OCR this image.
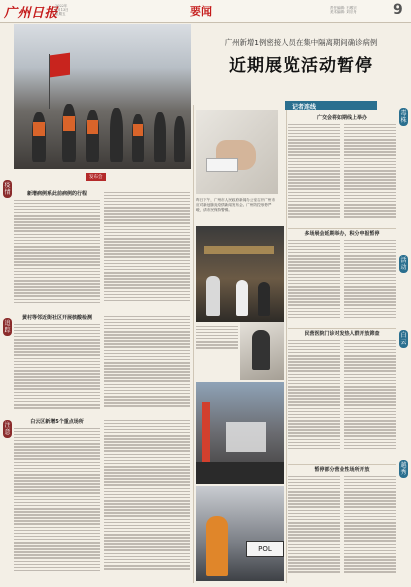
广州日报
2022年
5月13日
星期五	要闻	责任编辑: 石敬宗
美术编辑: 刘宗舟	9
广州新增1例密接人员在集中隔离期间确诊病例
近期展览活动暂停
记者连线
昨日下午，广州市人民政府新闻办公室召开广州市应对新冠肺炎疫情新闻发布会。广州防控形势严峻，请市民保持警惕。
发布会
疫情
追踪
注意
毒株
活动
白云
越秀
新增病例系此前病例的行程
黄村等邻近街社区开展核酸检测
白云区新增5个重点场所
POL
广交会将如期线上举办
多场展会延期举办，积分申报暂停
民营医院门诊对发热人群开放筛查
暂停部分营业性场所开放
